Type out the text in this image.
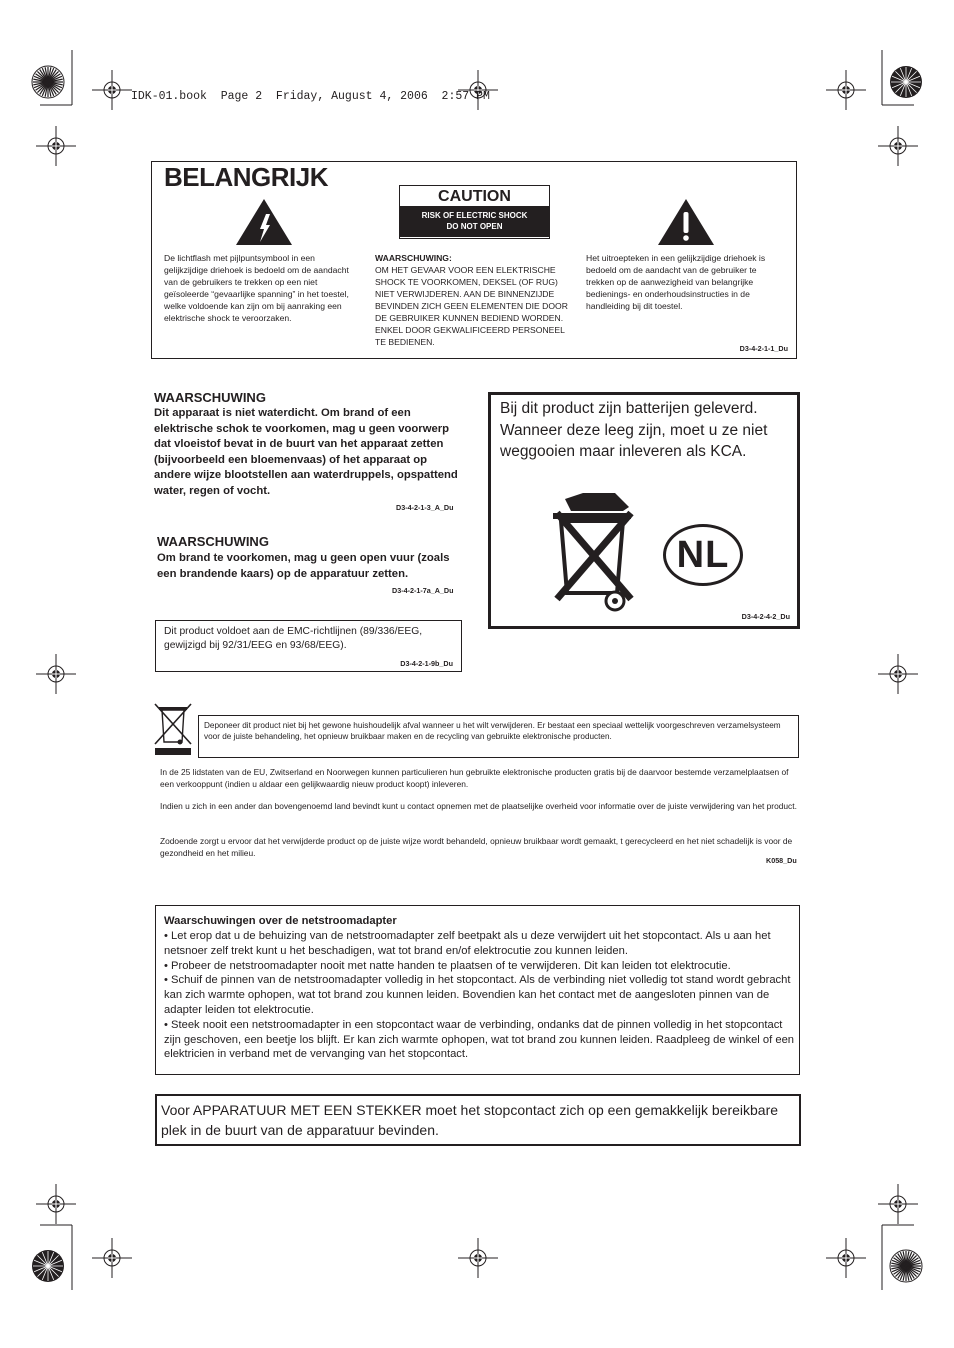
IDK-01.book  Page 2  Friday, August 4, 2006  2:57 PM
BELANGRIJK
CAUTION
RISK OF ELECTRIC SHOCK
DO NOT OPEN
De lichtflash met pijlpuntsymbool in een gelijkzijdige driehoek is bedoeld om de aandacht van de gebruikers te trekken op een niet geïsoleerde “gevaarlijke spanning” in het toestel, welke voldoende kan zijn om bij aanraking een elektrische shock te veroorzaken.
WAARSCHUWING:
OM HET GEVAAR VOOR EEN ELEKTRISCHE SHOCK TE VOORKOMEN, DEKSEL (OF RUG) NIET VERWIJDEREN. AAN DE BINNENZIJDE BEVINDEN ZICH GEEN ELEMENTEN DIE DOOR DE GEBRUIKER KUNNEN BEDIEND WORDEN. ENKEL DOOR GEKWALIFICEERD PERSONEEL TE BEDIENEN.
Het uitroepteken in een gelijkzijdige driehoek is bedoeld om de aandacht van de gebruiker te trekken op de aanwezigheid van belangrijke bedienings- en onderhoudsinstructies in de handleiding bij dit toestel.
D3-4-2-1-1_Du
WAARSCHUWING
Dit apparaat is niet waterdicht. Om brand of een elektrische schok te voorkomen, mag u geen voorwerp dat vloeistof bevat in de buurt van het apparaat zetten (bijvoorbeeld een bloemenvaas) of het apparaat op andere wijze blootstellen aan waterdruppels, opspattend water, regen of vocht.
D3-4-2-1-3_A_Du
WAARSCHUWING
Om brand te voorkomen, mag u geen open vuur (zoals een brandende kaars) op de apparatuur zetten.
D3-4-2-1-7a_A_Du
Dit product voldoet aan de EMC-richtlijnen (89/336/EEG, gewijzigd bij 92/31/EEG en 93/68/EEG).
D3-4-2-1-9b_Du
Bij dit product zijn batterijen geleverd. Wanneer deze leeg zijn, moet u ze niet weggooien maar inleveren als KCA.
NL
D3-4-2-4-2_Du
Deponeer dit product niet bij het gewone huishoudelijk afval wanneer u het wilt verwijderen. Er bestaat een speciaal wettelijk voorgeschreven verzamelsysteem voor de juiste behandeling, het opnieuw bruikbaar maken en de recycling van gebruikte elektronische producten.
In de 25 lidstaten van de EU, Zwitserland en Noorwegen kunnen particulieren hun gebruikte elektronische producten gratis bij de daarvoor bestemde verzamelplaatsen of een verkooppunt (indien u aldaar een gelijkwaardig nieuw product koopt) inleveren.
Indien u zich in een ander dan bovengenoemd land bevindt kunt u contact opnemen met de plaatselijke overheid voor informatie over de juiste verwijdering van het product.
Zodoende zorgt u ervoor dat het verwijderde product op de juiste wijze wordt behandeld, opnieuw bruikbaar wordt gemaakt, t gerecycleerd en het niet schadelijk is voor de gezondheid en het milieu.
K058_Du
Waarschuwingen over de netstroomadapter
• Let erop dat u de behuizing van de netstroomadapter zelf beetpakt als u deze verwijdert uit het stopcontact. Als u aan het netsnoer zelf trekt kunt u het beschadigen, wat tot brand en/of elektrocutie zou kunnen leiden.
• Probeer de netstroomadapter nooit met natte handen te plaatsen of te verwijderen. Dit kan leiden tot elektrocutie.
• Schuif de pinnen van de netstroomadapter volledig in het stopcontact. Als de verbinding niet volledig tot stand wordt gebracht kan zich warmte ophopen, wat tot brand zou kunnen leiden. Bovendien kan het contact met de aangesloten pinnen van de adapter leiden tot elektrocutie.
• Steek nooit een netstroomadapter in een stopcontact waar de verbinding, ondanks dat de pinnen volledig in het stopcontact zijn geschoven, een beetje los blijft. Er kan zich warmte ophopen, wat tot brand zou kunnen leiden. Raadpleeg de winkel of een elektricien in verband met de vervanging van het stopcontact.
Voor APPARATUUR MET EEN STEKKER moet het stopcontact zich op een gemakkelijk bereikbare plek in de buurt van de apparatuur bevinden.
